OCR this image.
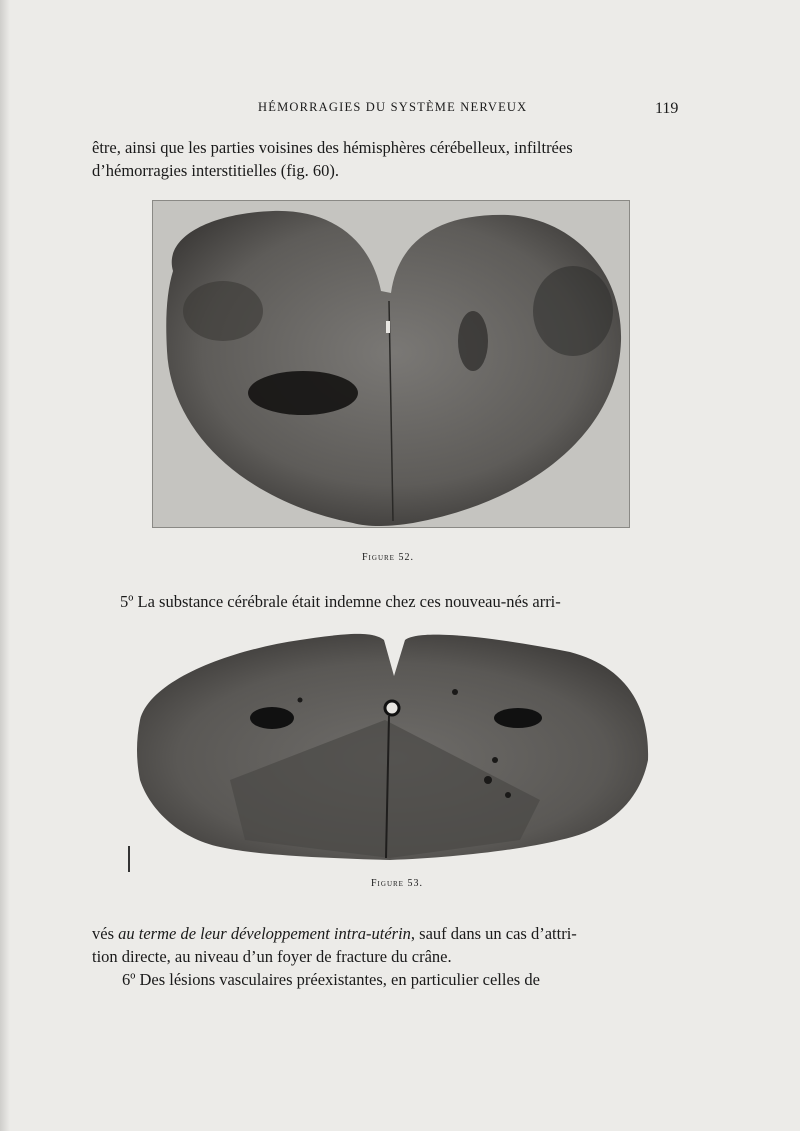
HÉMORRAGIES DU SYSTÈME NERVEUX	119

être, ainsi que les parties voisines des hémisphères cérébelleux, infiltrées
d’hémorragies interstitielles (fig. 60).

Figure 52.

5º La substance cérébrale était indemne chez ces nouveau-nés arri-

Figure 53.

vés au terme de leur développement intra-utérin, sauf dans un cas d’attri-
tion directe, au niveau d’un foyer de fracture du crâne.

6º Des lésions vasculaires préexistantes, en particulier celles de
